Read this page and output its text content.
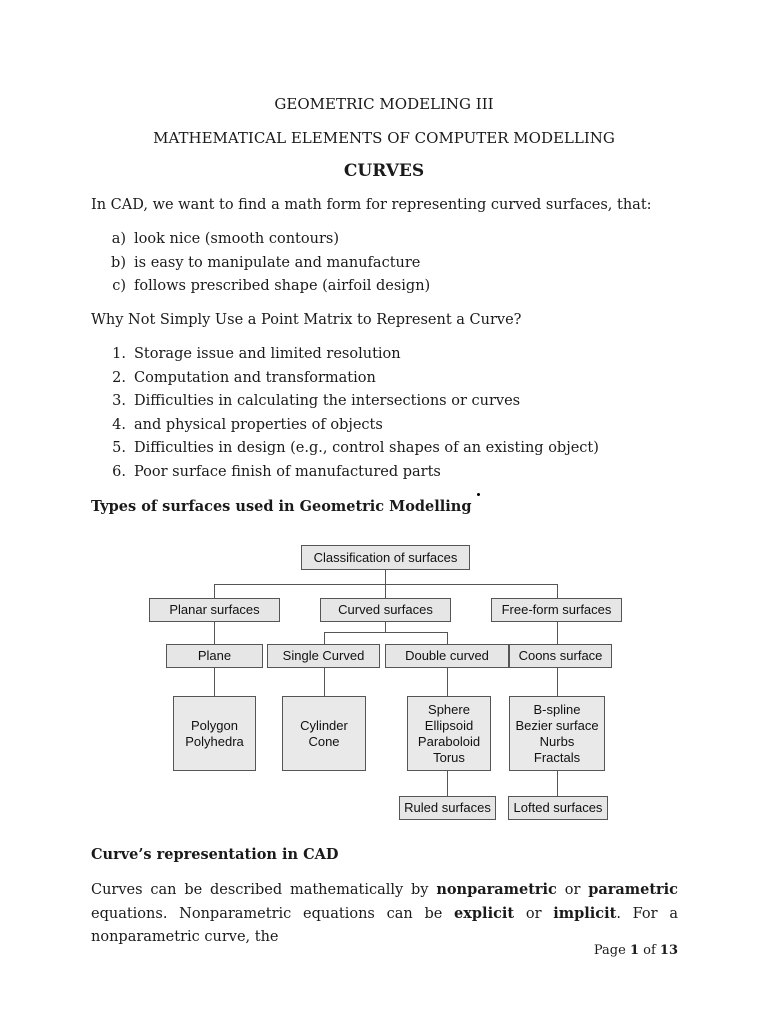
GEOMETRIC MODELING III
MATHEMATICAL ELEMENTS OF COMPUTER MODELLING
CURVES
In CAD, we want to find a math form for representing curved surfaces, that:
a) look nice (smooth contours)
b) is easy to manipulate and manufacture
c) follows prescribed shape (airfoil design)
Why Not Simply Use a Point Matrix to Represent a Curve?
1. Storage issue and limited resolution
2. Computation and transformation
3. Difficulties in calculating the intersections or curves
4. and physical properties of objects
5. Difficulties in design (e.g., control shapes of an existing object)
6. Poor surface finish of manufactured parts
Types of surfaces used in Geometric Modelling
Classification of surfaces
Planar surfaces	Curved surfaces	Free-form surfaces
Plane	Single Curved	Double curved	Coons surface
Polygon
Polyhedra
Cylinder
Cone
Sphere
Ellipsoid
Paraboloid
Torus
B-spline
Bezier surface
Nurbs
Fractals
Ruled surfaces	Lofted surfaces
Curve’s representation in CAD
Curves can be described mathematically by nonparametric or parametric equations. Nonparametric equations can be explicit or implicit. For a nonparametric curve, the
Page 1 of 13
